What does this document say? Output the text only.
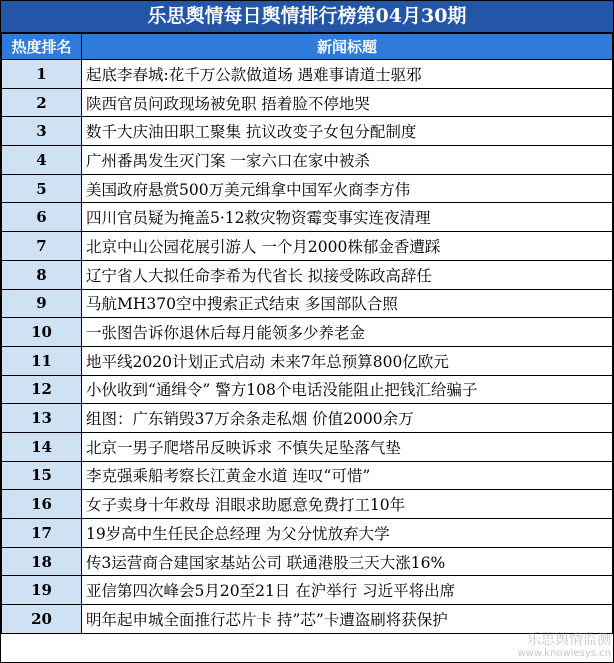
乐思舆情每日舆情排行榜第04月30期
热度排名	新闻标题
1	起底李春城:花千万公款做道场 遇难事请道士驱邪
2	陕西官员问政现场被免职 捂着脸不停地哭
3	数千大庆油田职工聚集 抗议改变子女包分配制度
4	广州番禺发生灭门案 一家六口在家中被杀
5	美国政府悬赏500万美元缉拿中国军火商李方伟
6	四川官员疑为掩盖5·12救灾物资霉变事实连夜清理
7	北京中山公园花展引游人 一个月2000株郁金香遭踩
8	辽宁省人大拟任命李希为代省长 拟接受陈政高辞任
9	马航MH370空中搜索正式结束 多国部队合照
10	一张图告诉你退休后每月能领多少养老金
11	地平线2020计划正式启动 未来7年总预算800亿欧元
12	小伙收到“通缉令” 警方108个电话没能阻止把钱汇给骗子
13	组图：广东销毁37万余条走私烟 价值2000余万
14	北京一男子爬塔吊反映诉求 不慎失足坠落气垫
15	李克强乘船考察长江黄金水道 连叹“可惜”
16	女子卖身十年救母 泪眼求助愿意免费打工10年
17	19岁高中生任民企总经理 为父分忧放弃大学
18	传3运营商合建国家基站公司 联通港股三天大涨16%
19	亚信第四次峰会5月20至21日 在沪举行 习近平将出席
20	明年起申城全面推行芯片卡 持”芯”卡遭盗刷将获保护
乐思舆情监测
www.knowlesys.cn
